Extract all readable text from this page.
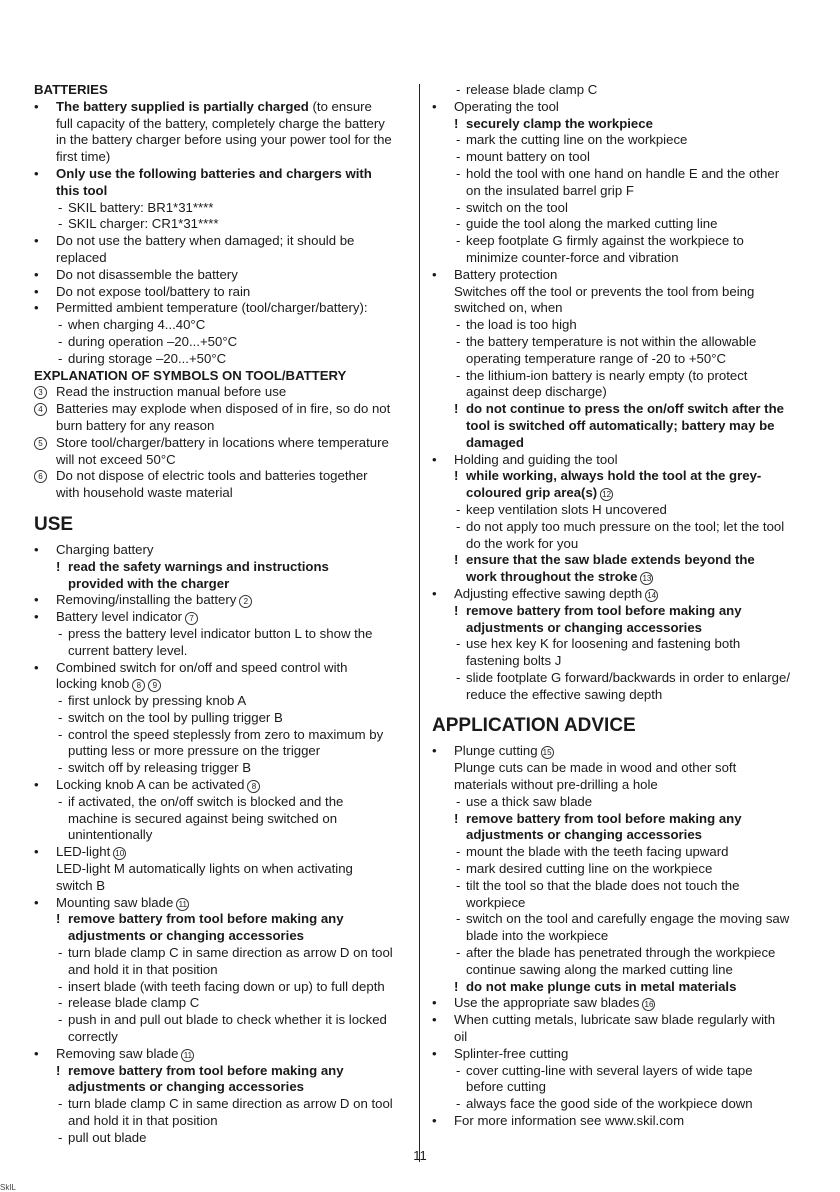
BATTERIES
• The battery supplied is partially charged (to ensure
full capacity of the battery, completely charge the battery
in the battery charger before using your power tool for the
first time)
• Only use the following batteries and chargers with
this tool
- SKIL battery: BR1*31****
- SKIL charger: CR1*31****
• Do not use the battery when damaged; it should be
replaced
• Do not disassemble the battery
• Do not expose tool/battery to rain
• Permitted ambient temperature (tool/charger/battery):
- when charging 4...40°C
- during operation –20...+50°C
- during storage –20...+50°C
EXPLANATION OF SYMBOLS ON TOOL/BATTERY
3	Read the instruction manual before use
4	Batteries may explode when disposed of in fire, so do not
burn battery for any reason
5	Store tool/charger/battery in locations where temperature
will not exceed 50°C
6	Do not dispose of electric tools and batteries together
with household waste material
USE
• Charging battery
! read the safety warnings and instructions
provided with the charger
• Removing/installing the battery 2
• Battery level indicator 7
- press the battery level indicator button L to show the
current battery level.
• Combined switch for on/off and speed control with
locking knob 8 9
- first unlock by pressing knob A
- switch on the tool by pulling trigger B
- control the speed steplessly from zero to maximum by
putting less or more pressure on the trigger
- switch off by releasing trigger B
• Locking knob A can be activated 8
- if activated, the on/off switch is blocked and the
machine is secured against being switched on
unintentionally
• LED-light 10
LED-light M automatically lights on when activating
switch B
• Mounting saw blade 11
! remove battery from tool before making any
adjustments or changing accessories
- turn blade clamp C in same direction as arrow D on tool
and hold it in that position
- insert blade (with teeth facing down or up) to full depth
- release blade clamp C
- push in and pull out blade to check whether it is locked
correctly
• Removing saw blade 11
! remove battery from tool before making any
adjustments or changing accessories
- turn blade clamp C in same direction as arrow D on tool
and hold it in that position
- pull out blade
- release blade clamp C
• Operating the tool
! securely clamp the workpiece
- mark the cutting line on the workpiece
- mount battery on tool
- hold the tool with one hand on handle E and the other
on the insulated barrel grip F
- switch on the tool
- guide the tool along the marked cutting line
- keep footplate G firmly against the workpiece to
minimize counter-force and vibration
• Battery protection
Switches off the tool or prevents the tool from being
switched on, when
- the load is too high
- the battery temperature is not within the allowable
operating temperature range of -20 to +50°C
- the lithium-ion battery is nearly empty (to protect
against deep discharge)
! do not continue to press the on/off switch after the
tool is switched off automatically; battery may be
damaged
• Holding and guiding the tool
! while working, always hold the tool at the grey-
coloured grip area(s) 12
- keep ventilation slots H uncovered
- do not apply too much pressure on the tool; let the tool
do the work for you
! ensure that the saw blade extends beyond the
work throughout the stroke 13
• Adjusting effective sawing depth 14
! remove battery from tool before making any
adjustments or changing accessories
- use hex key K for loosening and fastening both
fastening bolts J
- slide footplate G forward/backwards in order to enlarge/
reduce the effective sawing depth
APPLICATION ADVICE
• Plunge cutting 15
Plunge cuts can be made in wood and other soft
materials without pre-drilling a hole
- use a thick saw blade
! remove battery from tool before making any
adjustments or changing accessories
- mount the blade with the teeth facing upward
- mark desired cutting line on the workpiece
- tilt the tool so that the blade does not touch the
workpiece
- switch on the tool and carefully engage the moving saw
blade into the workpiece
- after the blade has penetrated through the workpiece
continue sawing along the marked cutting line
! do not make plunge cuts in metal materials
• Use the appropriate saw blades 16
• When cutting metals, lubricate saw blade regularly with
oil
• Splinter-free cutting
- cover cutting-line with several layers of wide tape
before cutting
- always face the good side of the workpiece down
• For more information see www.skil.com
11
SkIL
